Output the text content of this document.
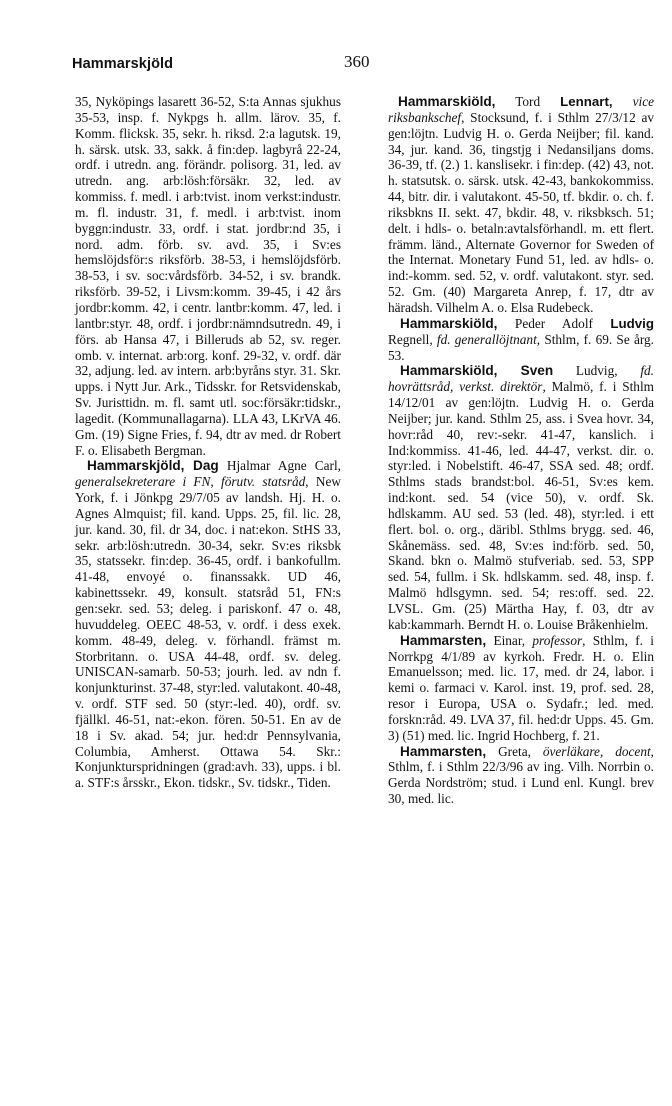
Hammarskjöld	360

35, Nyköpings lasarett 36-52, S:ta Annas sjukhus 35-53, insp. f. Nykpgs h. allm. lärov. 35, f. Komm. flicksk. 35, sekr. h. riksd. 2:a lagutsk. 19, h. särsk. utsk. 33, sakk. å fin:dep. lagbyrå 22-24, ordf. i utredn. ang. förändr. polisorg. 31, led. av utredn. ang. arb:lösh:försäkr. 32, led. av kommiss. f. medl. i arb:tvist. inom verkst:industr. m. fl. industr. 31, f. medl. i arb:tvist. inom byggn:industr. 33, ordf. i stat. jordbr:nd 35, i nord. adm. förb. sv. avd. 35, i Sv:es hemslöjdsför:s riksförb. 38-53, i hemslöjdsförb. 38-53, i sv. soc:vårdsförb. 34-52, i sv. brandk. riksförb. 39-52, i Livsm:komm. 39-45, i 42 års jordbr:komm. 42, i centr. lantbr:komm. 47, led. i lantbr:styr. 48, ordf. i jordbr:nämndsutredn. 49, i förs. ab Hansa 47, i Billeruds ab 52, sv. reger. omb. v. internat. arb:org. konf. 29-32, v. ordf. där 32, adjung. led. av intern. arb:byråns styr. 31. Skr. upps. i Nytt Jur. Ark., Tidsskr. for Retsvidenskab, Sv. Juristtidn. m. fl. samt utl. soc:försäkr:tidskr., lagedit. (Kommunallagarna). LLA 43, LKrVA 46. Gm. (19) Signe Fries, f. 94, dtr av med. dr Robert F. o. Elisabeth Bergman.

Hammarskjöld, Dag Hjalmar Agne Carl, generalsekreterare i FN, förutv. statsråd, New York, f. i Jönkpg 29/7/05 av landsh. Hj. H. o. Agnes Almquist; fil. kand. Upps. 25, fil. lic. 28, jur. kand. 30, fil. dr 34, doc. i nat:ekon. StHS 33, sekr. arb:lösh:utredn. 30-34, sekr. Sv:es riksbk 35, statssekr. fin:dep. 36-45, ordf. i bankofullm. 41-48, envoyé o. finanssakk. UD 46, kabinettssekr. 49, konsult. statsråd 51, FN:s gen:sekr. sed. 53; deleg. i pariskonf. 47 o. 48, huvuddeleg. OEEC 48-53, v. ordf. i dess exek. komm. 48-49, deleg. v. förhandl. främst m. Storbritann. o. USA 44-48, ordf. sv. deleg. UNISCAN-samarb. 50-53; jourh. led. av ndn f. konjunkturinst. 37-48, styr:led. valutakont. 40-48, v. ordf. STF sed. 50 (styr:-led. 40), ordf. sv. fjällkl. 46-51, nat:-ekon. fören. 50-51. En av de 18 i Sv. akad. 54; jur. hed:dr Pennsylvania, Columbia, Amherst. Ottawa 54. Skr.: Konjunkturspridningen (grad:avh. 33), upps. i bl. a. STF:s årsskr., Ekon. tidskr., Sv. tidskr., Tiden.

Hammarskiöld, Tord Lennart, vice riksbankschef, Stocksund, f. i Sthlm 27/3/12 av gen:löjtn. Ludvig H. o. Gerda Neijber; fil. kand. 34, jur. kand. 36, tingstjg i Nedansiljans doms. 36-39, tf. (2.) 1. kanslisekr. i fin:dep. (42) 43, not. h. statsutsk. o. särsk. utsk. 42-43, bankokommiss. 44, bitr. dir. i valutakont. 45-50, tf. bkdir. o. ch. f. riksbkns II. sekt. 47, bkdir. 48, v. riksbksch. 51; delt. i hdls- o. betaln:avtalsförhandl. m. ett flert. främm. länd., Alternate Governor for Sweden of the Internat. Monetary Fund 51, led. av hdls- o. ind:-komm. sed. 52, v. ordf. valutakont. styr. sed. 52. Gm. (40) Margareta Anrep, f. 17, dtr av häradsh. Vilhelm A. o. Elsa Rudebeck.

Hammarskiöld, Peder Adolf Ludvig Regnell, fd. generallöjtnant, Sthlm, f. 69. Se årg. 53.

Hammarskiöld, Sven Ludvig, fd. hovrättsråd, verkst. direktör, Malmö, f. i Sthlm 14/12/01 av gen:löjtn. Ludvig H. o. Gerda Neijber; jur. kand. Sthlm 25, ass. i Svea hovr. 34, hovr:råd 40, rev:-sekr. 41-47, kanslich. i Ind:kommiss. 41-46, led. 44-47, verkst. dir. o. styr:led. i Nobelstift. 46-47, SSA sed. 48; ordf. Sthlms stads brandst:bol. 46-51, Sv:es kem. ind:kont. sed. 54 (vice 50), v. ordf. Sk. hdlskamm. AU sed. 53 (led. 48), styr:led. i ett flert. bol. o. org., däribl. Sthlms brygg. sed. 46, Skånemäss. sed. 48, Sv:es ind:förb. sed. 50, Skand. bkn o. Malmö stufveriab. sed. 53, SPP sed. 54, fullm. i Sk. hdlskamm. sed. 48, insp. f. Malmö hdlsgymn. sed. 54; res:off. sed. 22. LVSL. Gm. (25) Märtha Hay, f. 03, dtr av kab:kammarh. Berndt H. o. Louise Bråkenhielm.

Hammarsten, Einar, professor, Sthlm, f. i Norrkpg 4/1/89 av kyrkoh. Fredr. H. o. Elin Emanuelsson; med. lic. 17, med. dr 24, labor. i kemi o. farmaci v. Karol. inst. 19, prof. sed. 28, resor i Europa, USA o. Sydafr.; led. med. forskn:råd. 49. LVA 37, fil. hed:dr Upps. 45. Gm. 3) (51) med. lic. Ingrid Hochberg, f. 21.

Hammarsten, Greta, överläkare, docent, Sthlm, f. i Sthlm 22/3/96 av ing. Vilh. Norrbin o. Gerda Nordström; stud. i Lund enl. Kungl. brev 30, med. lic.
